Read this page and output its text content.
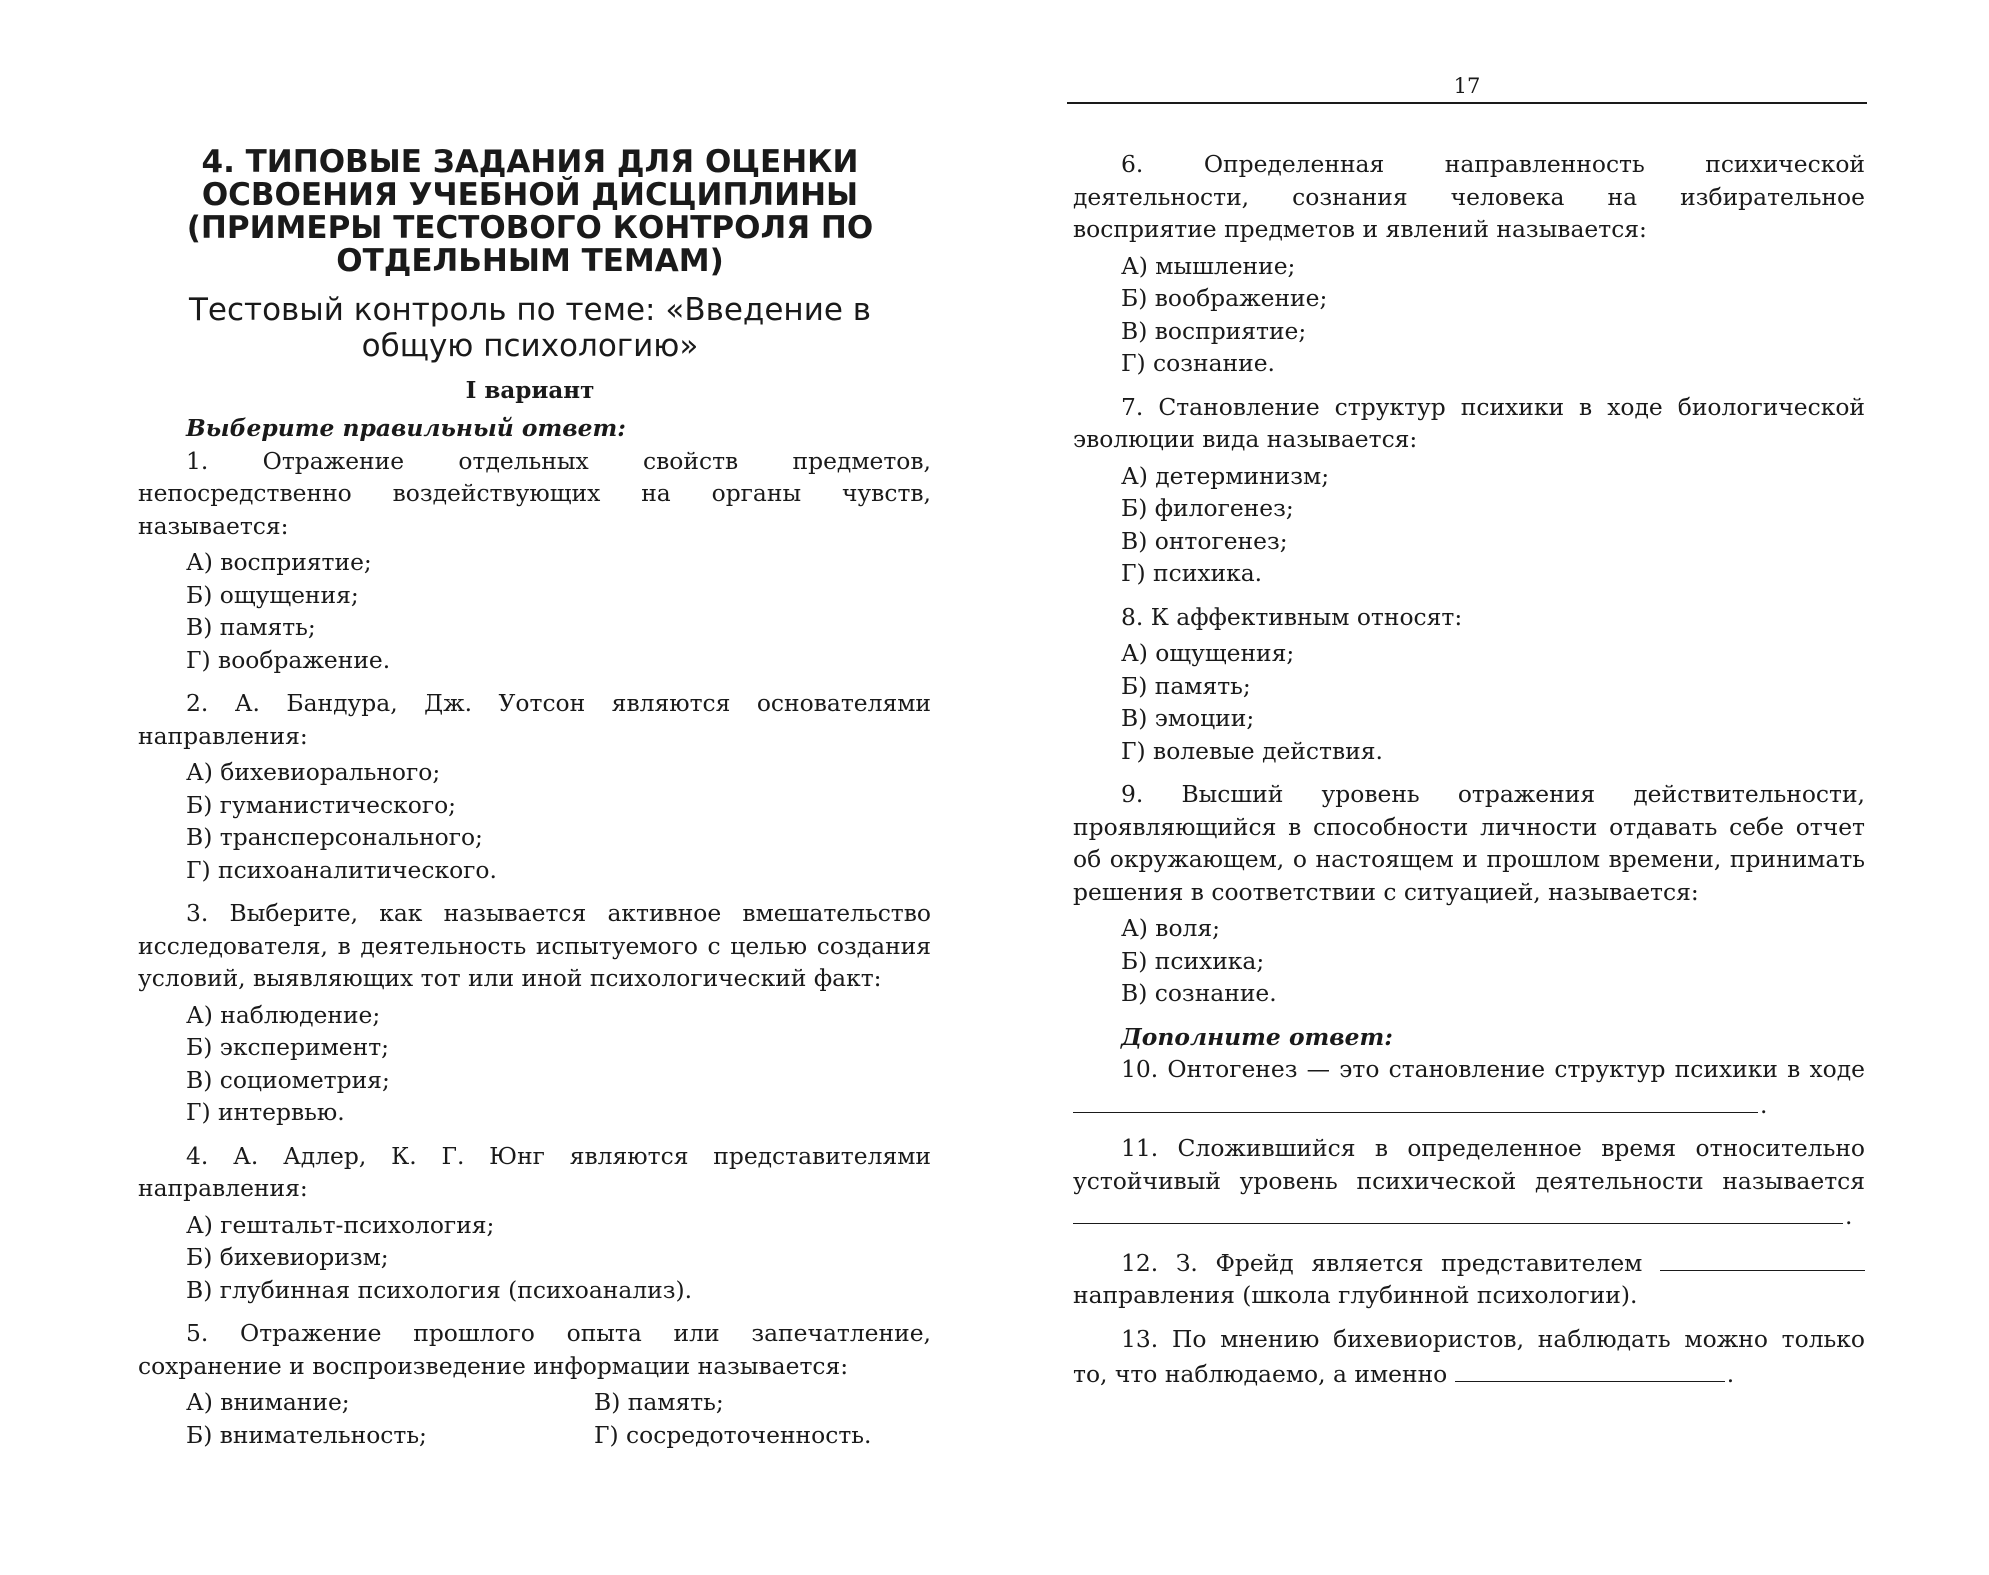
4. ТИПОВЫЕ ЗАДАНИЯ ДЛЯ ОЦЕНКИ ОСВОЕНИЯ УЧЕБНОЙ ДИСЦИПЛИНЫ (ПРИМЕРЫ ТЕСТОВОГО КОНТРОЛЯ ПО ОТДЕЛЬНЫМ ТЕМАМ)
Тестовый контроль по теме: «Введение в общую психологию»
I вариант
Выберите правильный ответ:

1. Отражение отдельных свойств предметов, непосредственно воздействующих на органы чувств, называется:

А) восприятие;
Б) ощущения;
В) память;
Г) воображение.

2. А. Бандура, Дж. Уотсон являются основателями направления:

А) бихевиорального;
Б) гуманистического;
В) трансперсонального;
Г) психоаналитического.

3. Выберите, как называется активное вмешательство исследователя, в деятельность испытуемого с целью создания условий, выявляющих тот или иной психологический факт:

А) наблюдение;
Б) эксперимент;
В) социометрия;
Г) интервью.

4. А. Адлер, К. Г. Юнг являются представителями направления:

А) гештальт-психология;
Б) бихевиоризм;
В) глубинная психология (психоанализ).

5. Отражение прошлого опыта или запечатление, сохранение и воспроизведение информации называется:

А) внимание;	В) память;
Б) внимательность;	Г) сосредоточенность.
17

6. Определенная направленность психической деятельности, сознания человека на избирательное восприятие предметов и явлений называется:

А) мышление;
Б) воображение;
В) восприятие;
Г) сознание.

7. Становление структур психики в ходе биологической эволюции вида называется:

А) детерминизм;
Б) филогенез;
В) онтогенез;
Г) психика.

8. К аффективным относят:

А) ощущения;
Б) память;
В) эмоции;
Г) волевые действия.

9. Высший уровень отражения действительности, проявляющийся в способности личности отдавать себе отчет об окружающем, о настоящем и прошлом времени, принимать решения в соответствии с ситуацией, называется:

А) воля;
Б) психика;
В) сознание.
Дополните ответ:

10. Онтогенез — это становление структур психики в ходе .

11. Сложившийся в определенное время относительно устойчивый уровень психической деятельности называется .

12. З. Фрейд является представителем  направления (школа глубинной психологии).

13. По мнению бихевиористов, наблюдать можно только то, что наблюдаемо, а именно	.
